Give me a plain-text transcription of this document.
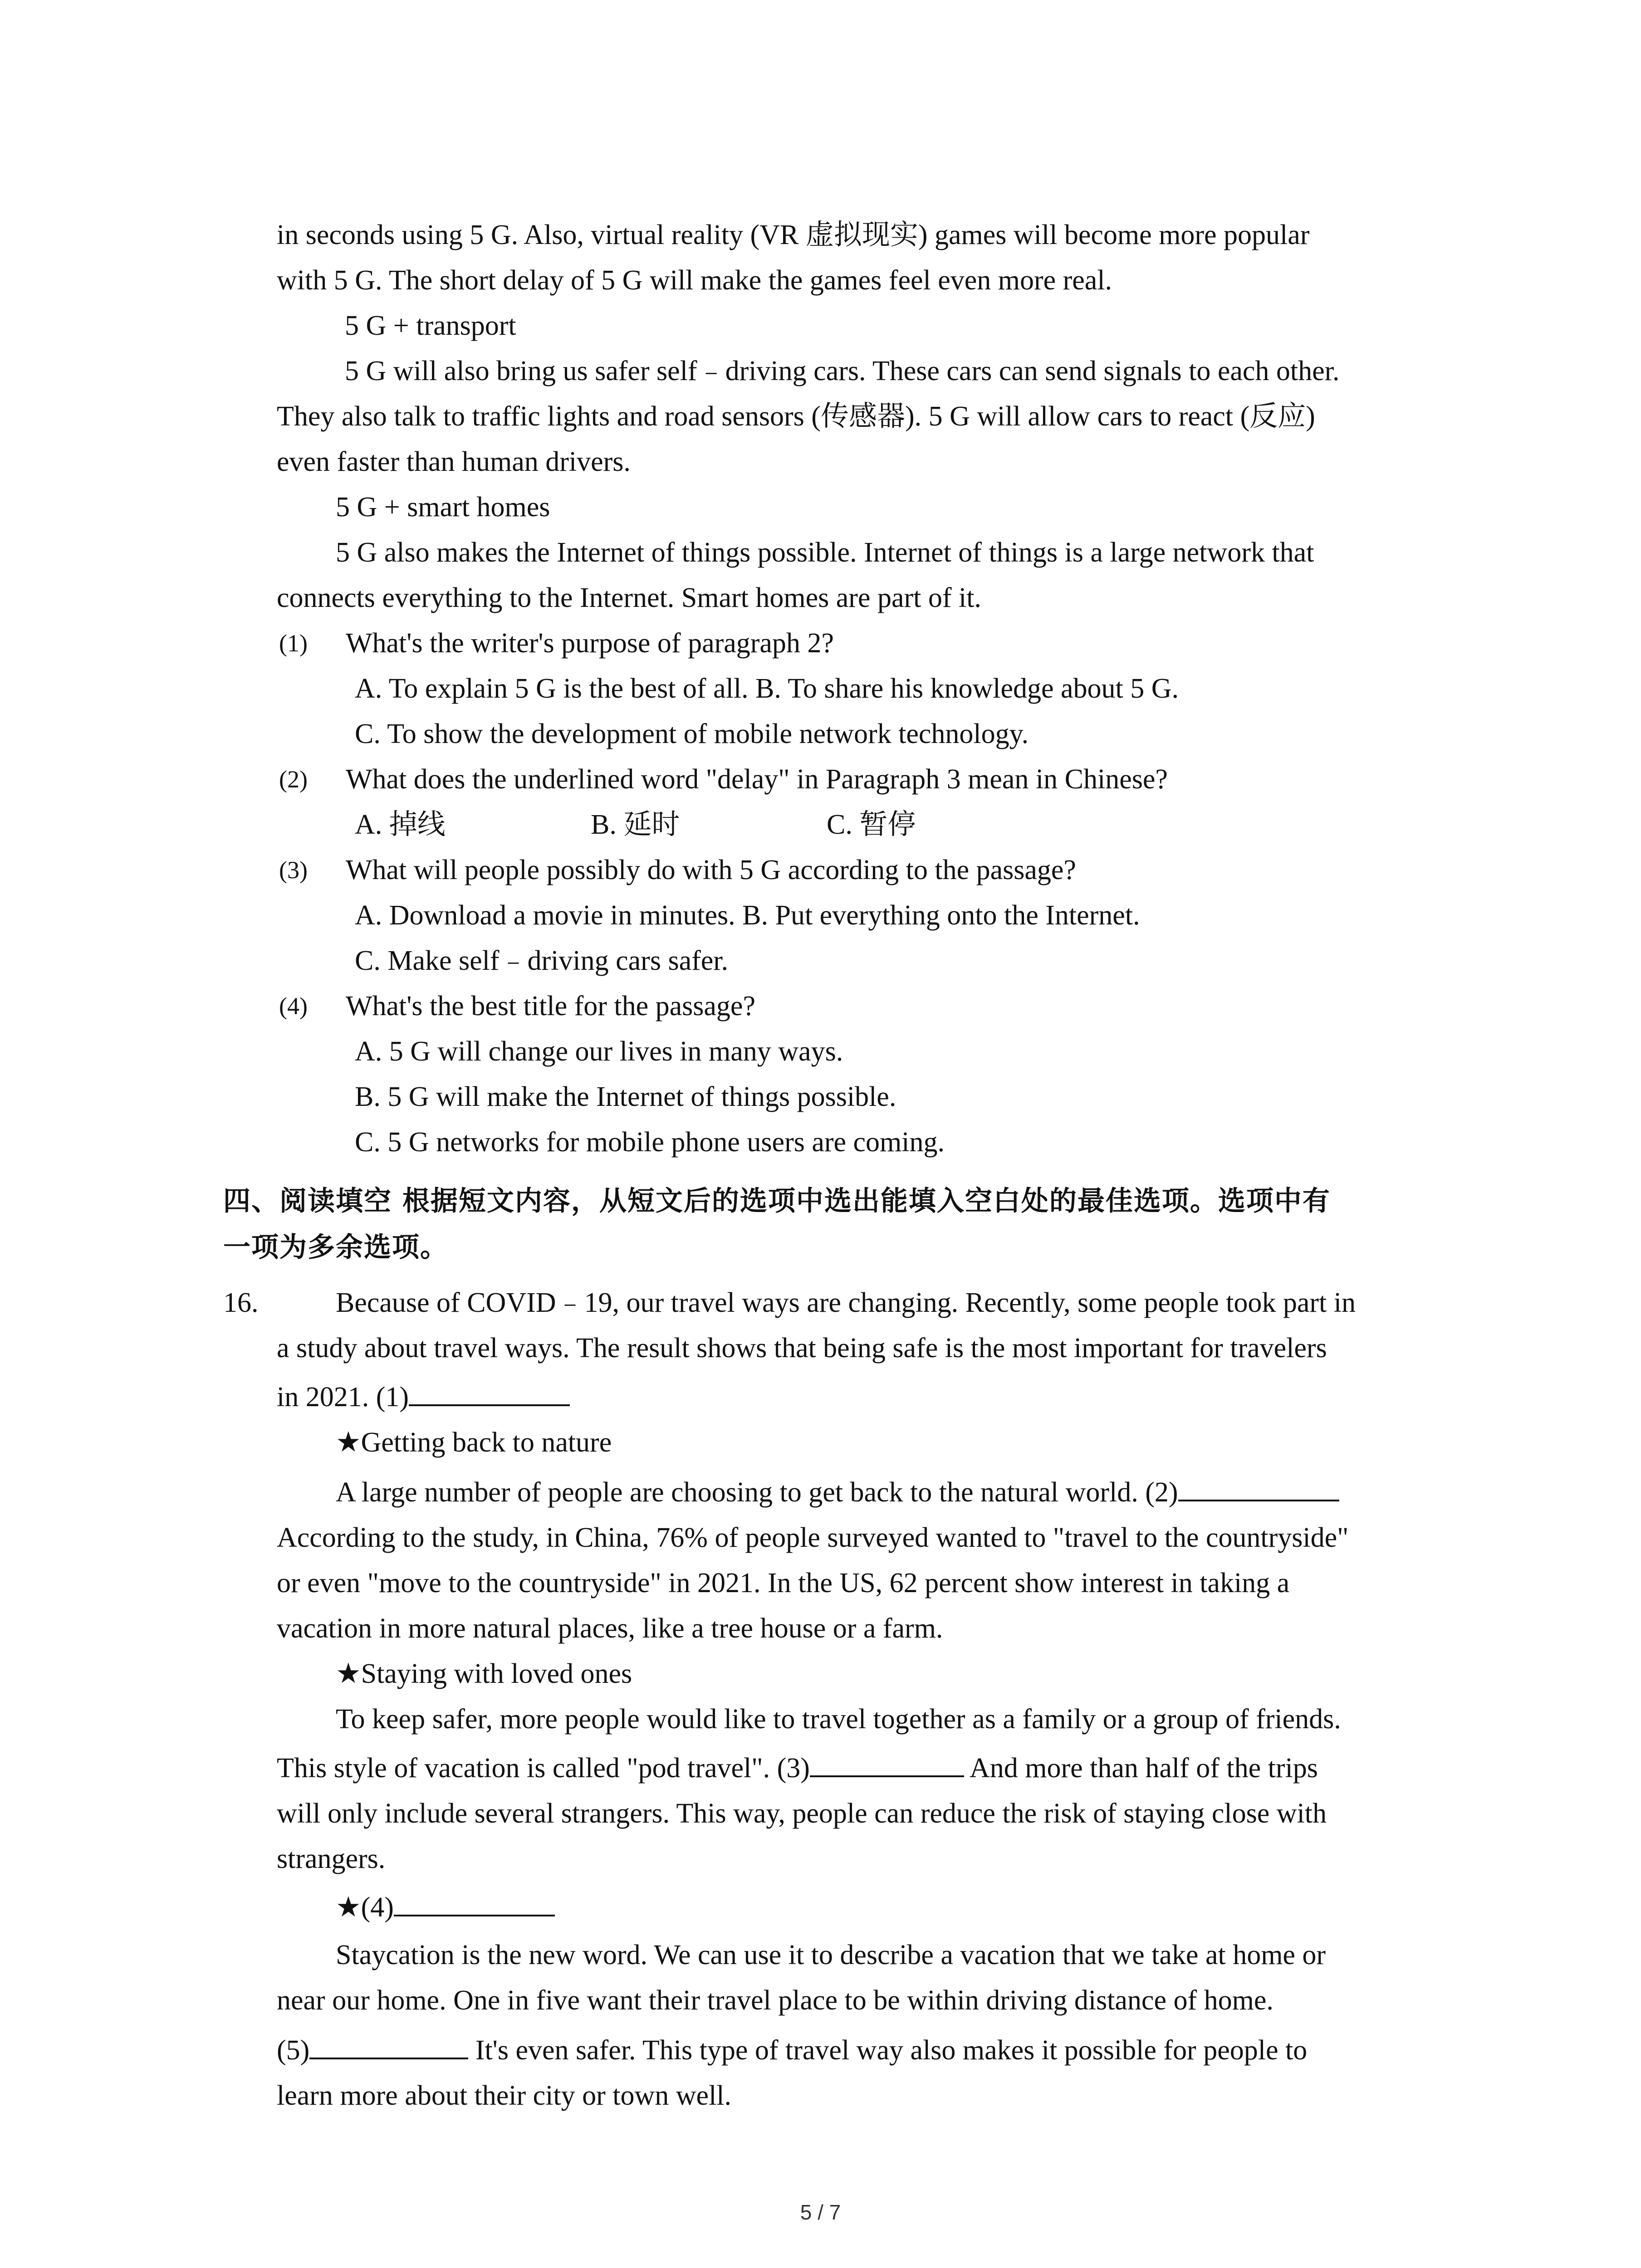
in seconds using 5 G. Also, virtual reality (VR 虚拟现实) games will become more popular
with 5 G. The short delay of 5 G will make the games feel even more real.
5 G + transport
5 G will also bring us safer self﹣driving cars. These cars can send signals to each other.
They also talk to traffic lights and road sensors (传感器). 5 G will allow cars to react (反应)
even faster than human drivers.
5 G + smart homes
5 G also makes the Internet of things possible. Internet of things is a large network that
connects everything to the Internet. Smart homes are part of it.
(1) What's the writer's purpose of paragraph 2?
A. To explain 5 G is the best of all. B. To share his knowledge about 5 G.
C. To show the development of mobile network technology.
(2) What does the underlined word "delay" in Paragraph 3 mean in Chinese?
A. 掉线	B. 延时	C. 暂停
(3) What will people possibly do with 5 G according to the passage?
A. Download a movie in minutes. B. Put everything onto the Internet.
C. Make self﹣driving cars safer.
(4) What's the best title for the passage?
A. 5 G will change our lives in many ways.
B. 5 G will make the Internet of things possible.
C. 5 G networks for mobile phone users are coming.
四、阅读填空 根据短文内容，从短文后的选项中选出能填入空白处的最佳选项。选项中有
一项为多余选项。
16.	Because of COVID﹣19, our travel ways are changing. Recently, some people took part in
a study about travel ways. The result shows that being safe is the most important for travelers
in 2021. (1)
★Getting back to nature
A large number of people are choosing to get back to the natural world. (2)
According to the study, in China, 76% of people surveyed wanted to "travel to the countryside"
or even "move to the countryside" in 2021. In the US, 62 percent show interest in taking a
vacation in more natural places, like a tree house or a farm.
★Staying with loved ones
To keep safer, more people would like to travel together as a family or a group of friends.
This style of vacation is called "pod travel". (3)	And more than half of the trips
will only include several strangers. This way, people can reduce the risk of staying close with
strangers.
★(4)
Staycation is the new word. We can use it to describe a vacation that we take at home or
near our home. One in five want their travel place to be within driving distance of home.
(5)	It's even safer. This type of travel way also makes it possible for people to
learn more about their city or town well.
5 / 7
